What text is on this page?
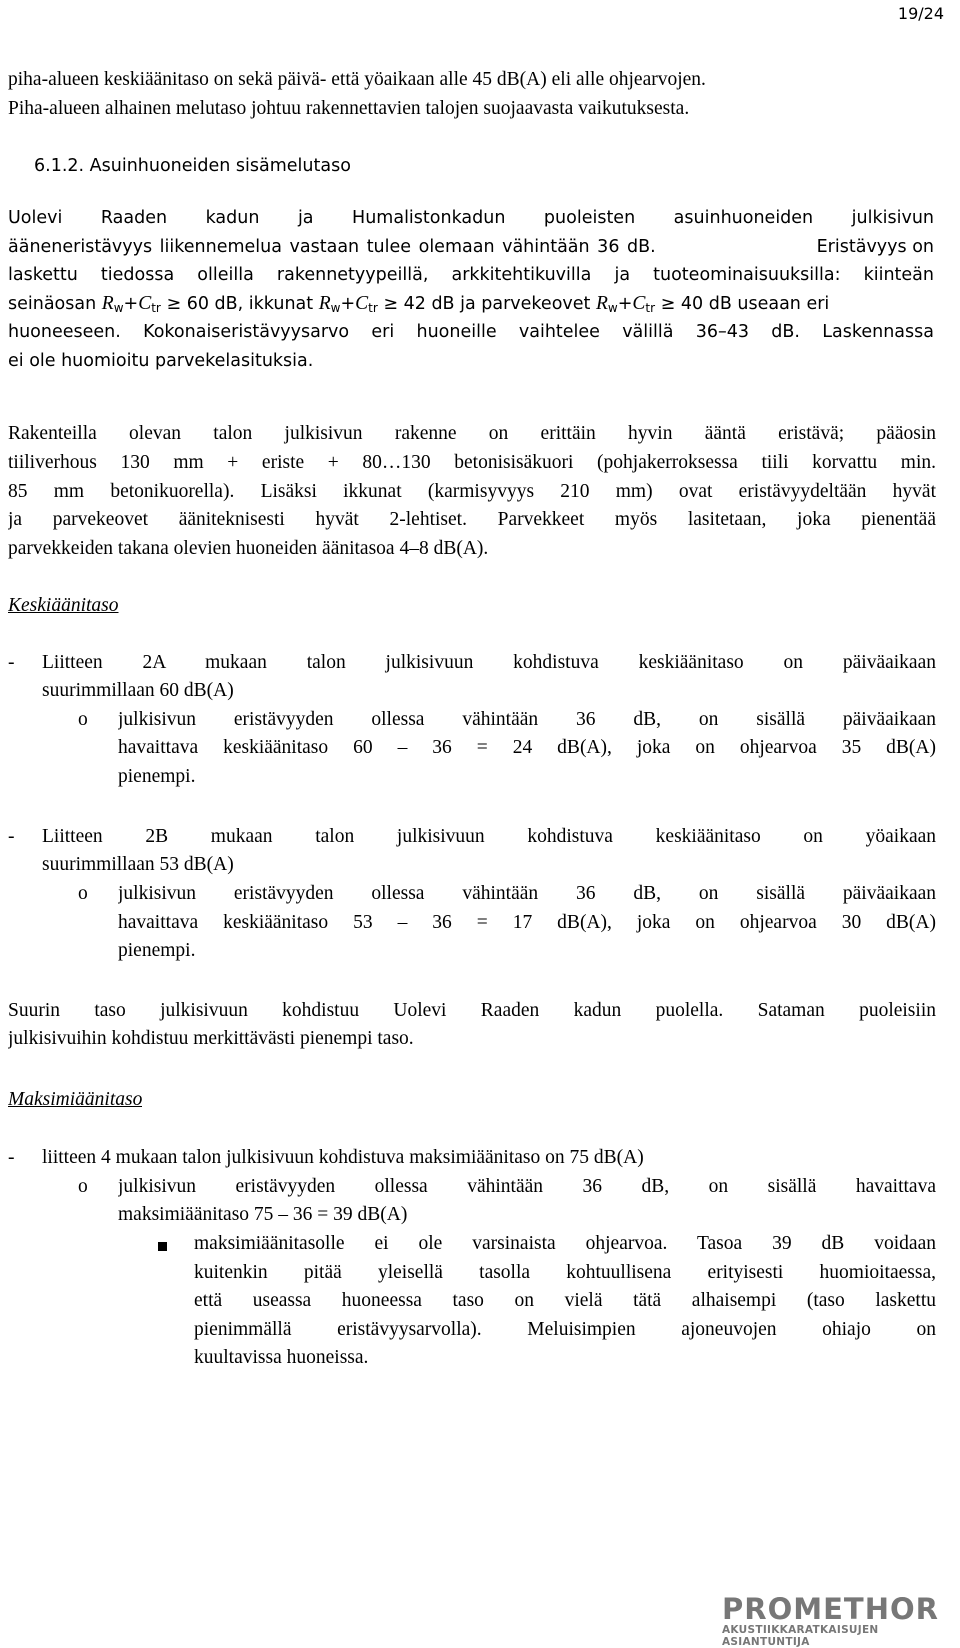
19/24
piha-alueen keskiäänitaso on sekä päivä- että yöaikaan alle 45 dB(A) eli alle ohjearvojen.
Piha-alueen alhainen melutaso johtuu rakennettavien talojen suojaavasta vaikutuksesta.
6.1.2. Asuinhuoneiden sisämelutaso
Uolevi Raaden kadun ja Humalistonkadun puoleisten asuinhuoneiden julkisivun
ääneneristävyys liikennemelua vastaan tulee olemaan vähintään 36 dB.	Eristävyys on
laskettu tiedossa olleilla rakennetyypeillä, arkkitehtikuvilla ja tuoteominaisuuksilla: kiinteän
seinäosan $R_w+C_{tr} \ge 60$ dB, ikkunat $R_w+C_{tr} \ge 42$ dB ja parvekeovet $R_w+C_{tr} \ge 40$ dB useaan eri
huoneeseen. Kokonaiseristävyysarvo eri huoneille vaihtelee välillä 36–43 dB. Laskennassa
ei ole huomioitu parvekelasituksia.
Rakenteilla olevan talon julkisivun rakenne on erittäin hyvin ääntä eristävä; pääosin
tiiliverhous 130 mm + eriste + 80…130 betonisisäkuori (pohjakerroksessa tiili korvattu min.
85 mm betonikuorella). Lisäksi ikkunat (karmisyvyys 210 mm) ovat eristävyydeltään hyvät
ja parvekeovet ääniteknisesti hyvät 2-lehtiset. Parvekkeet myös lasitetaan, joka pienentää
parvekkeiden takana olevien huoneiden äänitasoa 4–8 dB(A).
Keskiäänitaso
-	Liitteen 2A mukaan talon julkisivuun kohdistuva keskiäänitaso on päiväaikaan
suurimmillaan 60 dB(A)
o	julkisivun eristävyyden ollessa vähintään 36 dB, on sisällä päiväaikaan
havaittava keskiäänitaso 60 – 36 = 24 dB(A), joka on ohjearvoa 35 dB(A)
pienempi.
-	Liitteen 2B mukaan talon julkisivuun kohdistuva keskiäänitaso on yöaikaan
suurimmillaan 53 dB(A)
o	julkisivun eristävyyden ollessa vähintään 36 dB, on sisällä päiväaikaan
havaittava keskiäänitaso 53 – 36 = 17 dB(A), joka on ohjearvoa 30 dB(A)
pienempi.
Suurin taso julkisivuun kohdistuu Uolevi Raaden kadun puolella. Sataman puoleisiin
julkisivuihin kohdistuu merkittävästi pienempi taso.
Maksimiäänitaso
-	liitteen 4 mukaan talon julkisivuun kohdistuva maksimiäänitaso on 75 dB(A)
o	julkisivun eristävyyden ollessa vähintään 36 dB, on sisällä havaittava
maksimiäänitaso 75 – 36 = 39 dB(A)
maksimiäänitasolle ei ole varsinaista ohjearvoa. Tasoa 39 dB voidaan
kuitenkin pitää yleisellä tasolla kohtuullisena erityisesti huomioitaessa,
että useassa huoneessa taso on vielä tätä alhaisempi (taso laskettu
pienimmällä eristävyysarvolla). Meluisimpien ajoneuvojen ohiajo on
kuultavissa huoneissa.
PROMETHOR
AKUSTIIKKARATKAISUJEN ASIANTUNTIJA
